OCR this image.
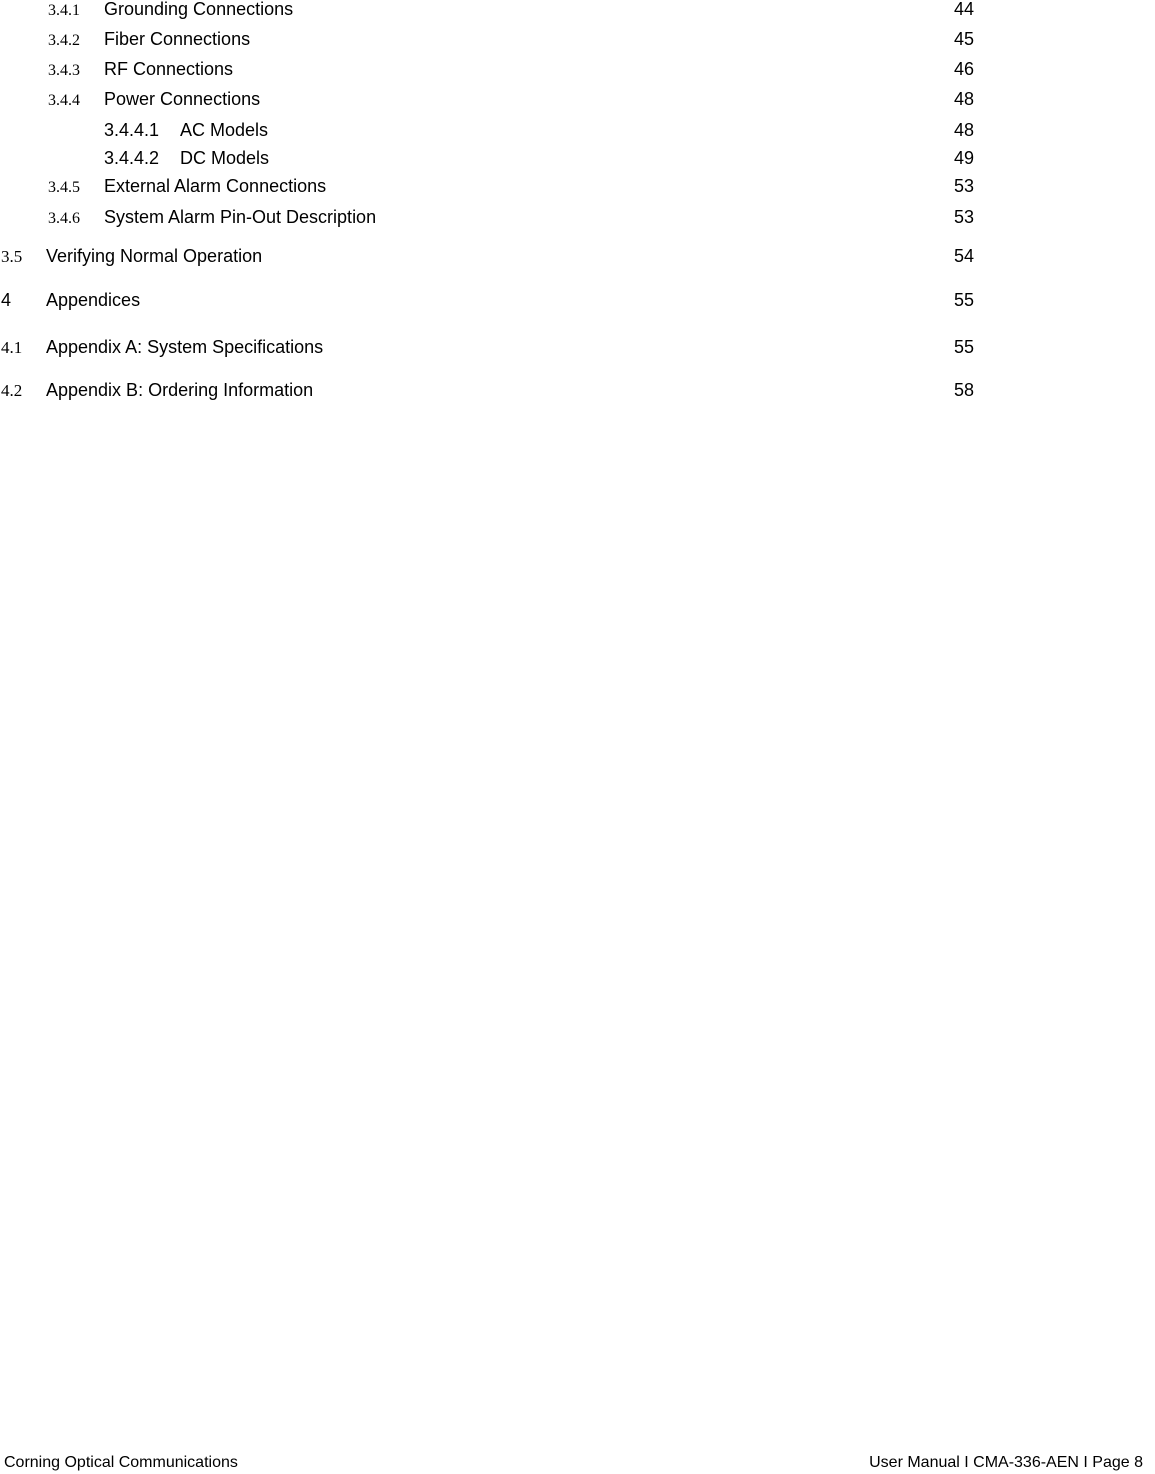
3.4.1	Grounding Connections	44
3.4.2	Fiber Connections	45
3.4.3	RF Connections	46
3.4.4	Power Connections	48
3.4.4.1	AC Models	48
3.4.4.2	DC Models	49
3.4.5	External Alarm Connections	53
3.4.6	System Alarm Pin-Out Description	53
3.5	Verifying Normal Operation	54
4	Appendices	55
4.1	Appendix A: System Specifications	55
4.2	Appendix B: Ordering Information	58
Corning Optical Communications	User Manual I CMA-336-AEN I Page 8
